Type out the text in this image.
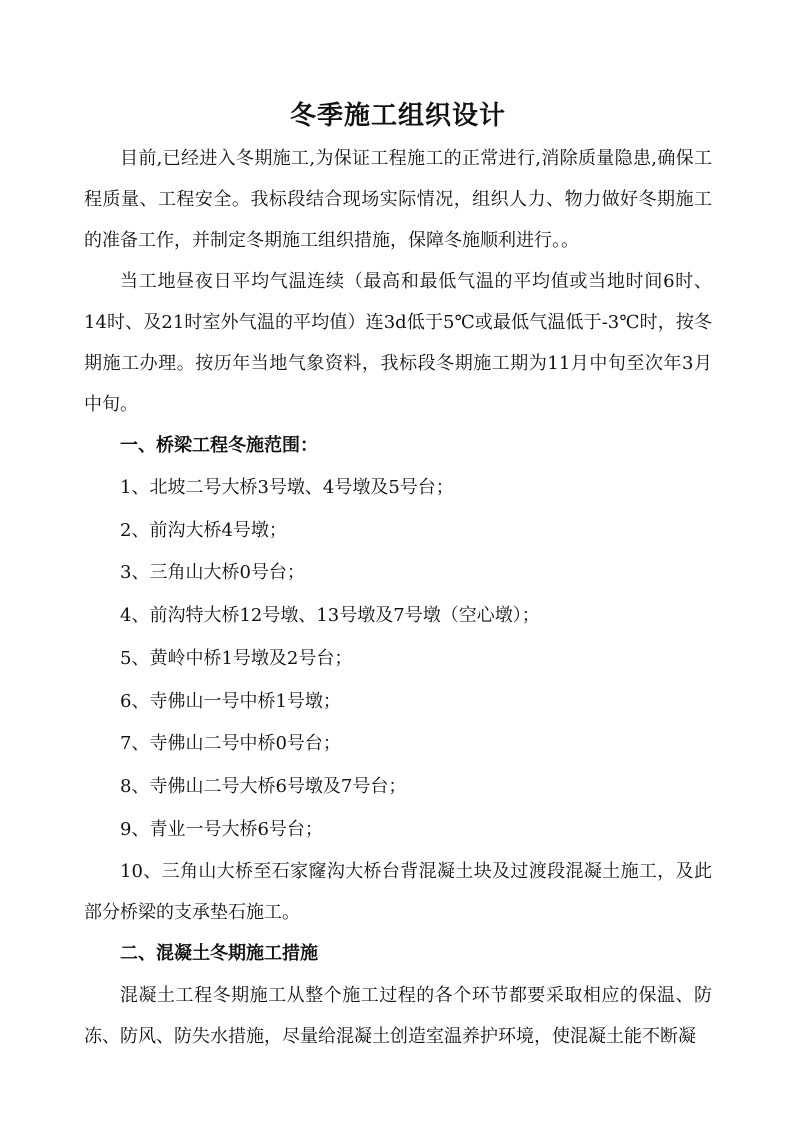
冬季施工组织设计

目前,已经进入冬期施工,为保证工程施工的正常进行,消除质量隐患,确保工程质量、工程安全。我标段结合现场实际情况，组织人力、物力做好冬期施工的准备工作，并制定冬期施工组织措施，保障冬施顺利进行。。

当工地昼夜日平均气温连续（最高和最低气温的平均值或当地时间6时、14时、及21时室外气温的平均值）连3d低于5℃或最低气温低于-3℃时，按冬期施工办理。按历年当地气象资料，我标段冬期施工期为11月中旬至次年3月中旬。

一、桥梁工程冬施范围：

1、北坡二号大桥3号墩、4号墩及5号台；

2、前沟大桥4号墩；

3、三角山大桥0号台；

4、前沟特大桥12号墩、13号墩及7号墩（空心墩）；

5、黄岭中桥1号墩及2号台；

6、寺佛山一号中桥1号墩；

7、寺佛山二号中桥0号台；

8、寺佛山二号大桥6号墩及7号台；

9、青业一号大桥6号台；

10、三角山大桥至石家窿沟大桥台背混凝土块及过渡段混凝土施工，及此部分桥梁的支承垫石施工。

二、混凝土冬期施工措施

混凝土工程冬期施工从整个施工过程的各个环节都要采取相应的保温、防冻、防风、防失水措施，尽量给混凝土创造室温养护环境，使混凝土能不断凝
